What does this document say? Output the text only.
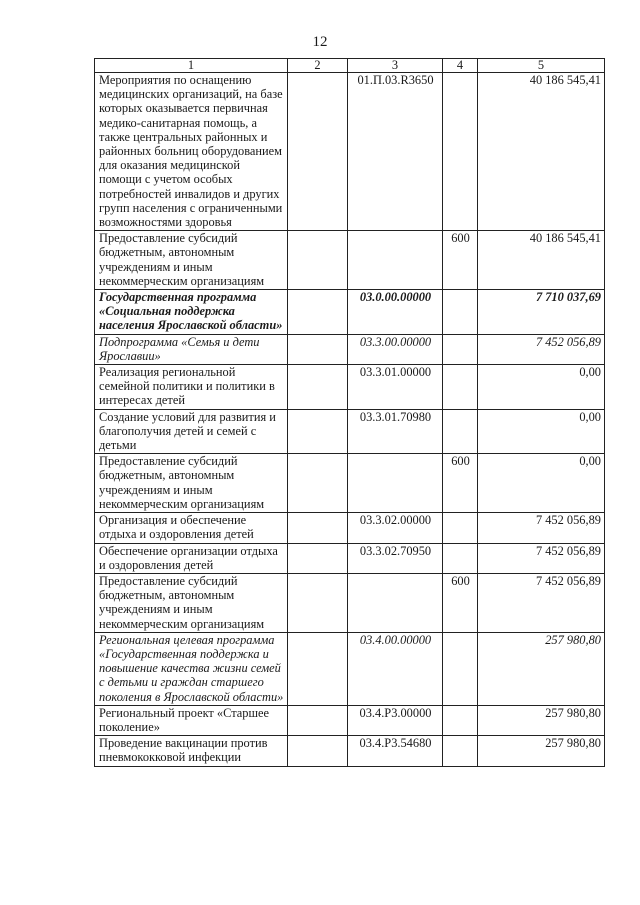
12
1	2	3	4	5
Мероприятия по оснащению медицинских организаций, на базе которых оказывается первичная медико-санитарная помощь, а также центральных районных и районных больниц оборудованием для оказания медицинской помощи с учетом особых потребностей инвалидов и других групп населения с ограниченными возможностями здоровья		01.П.03.R3650		40 186 545,41
Предоставление субсидий бюджетным, автономным учреждениям и иным некоммерческим организациям			600	40 186 545,41
Государственная программа «Социальная поддержка населения Ярославской области»		03.0.00.00000		7 710 037,69
Подпрограмма «Семья и дети Ярославии»		03.3.00.00000		7 452 056,89
Реализация региональной семейной политики и политики в интересах детей		03.3.01.00000		0,00
Создание условий для развития и благополучия детей и семей с детьми		03.3.01.70980		0,00
Предоставление субсидий бюджетным, автономным учреждениям и иным некоммерческим организациям			600	0,00
Организация и обеспечение отдыха и оздоровления детей		03.3.02.00000		7 452 056,89
Обеспечение организации отдыха и оздоровления детей		03.3.02.70950		7 452 056,89
Предоставление субсидий бюджетным, автономным учреждениям и иным некоммерческим организациям			600	7 452 056,89
Региональная целевая программа «Государственная поддержка и повышение качества жизни семей с детьми и граждан старшего поколения в Ярославской области»		03.4.00.00000		257 980,80
Региональный проект «Старшее поколение»		03.4.Р3.00000		257 980,80
Проведение вакцинации против пневмококковой инфекции		03.4.Р3.54680		257 980,80
